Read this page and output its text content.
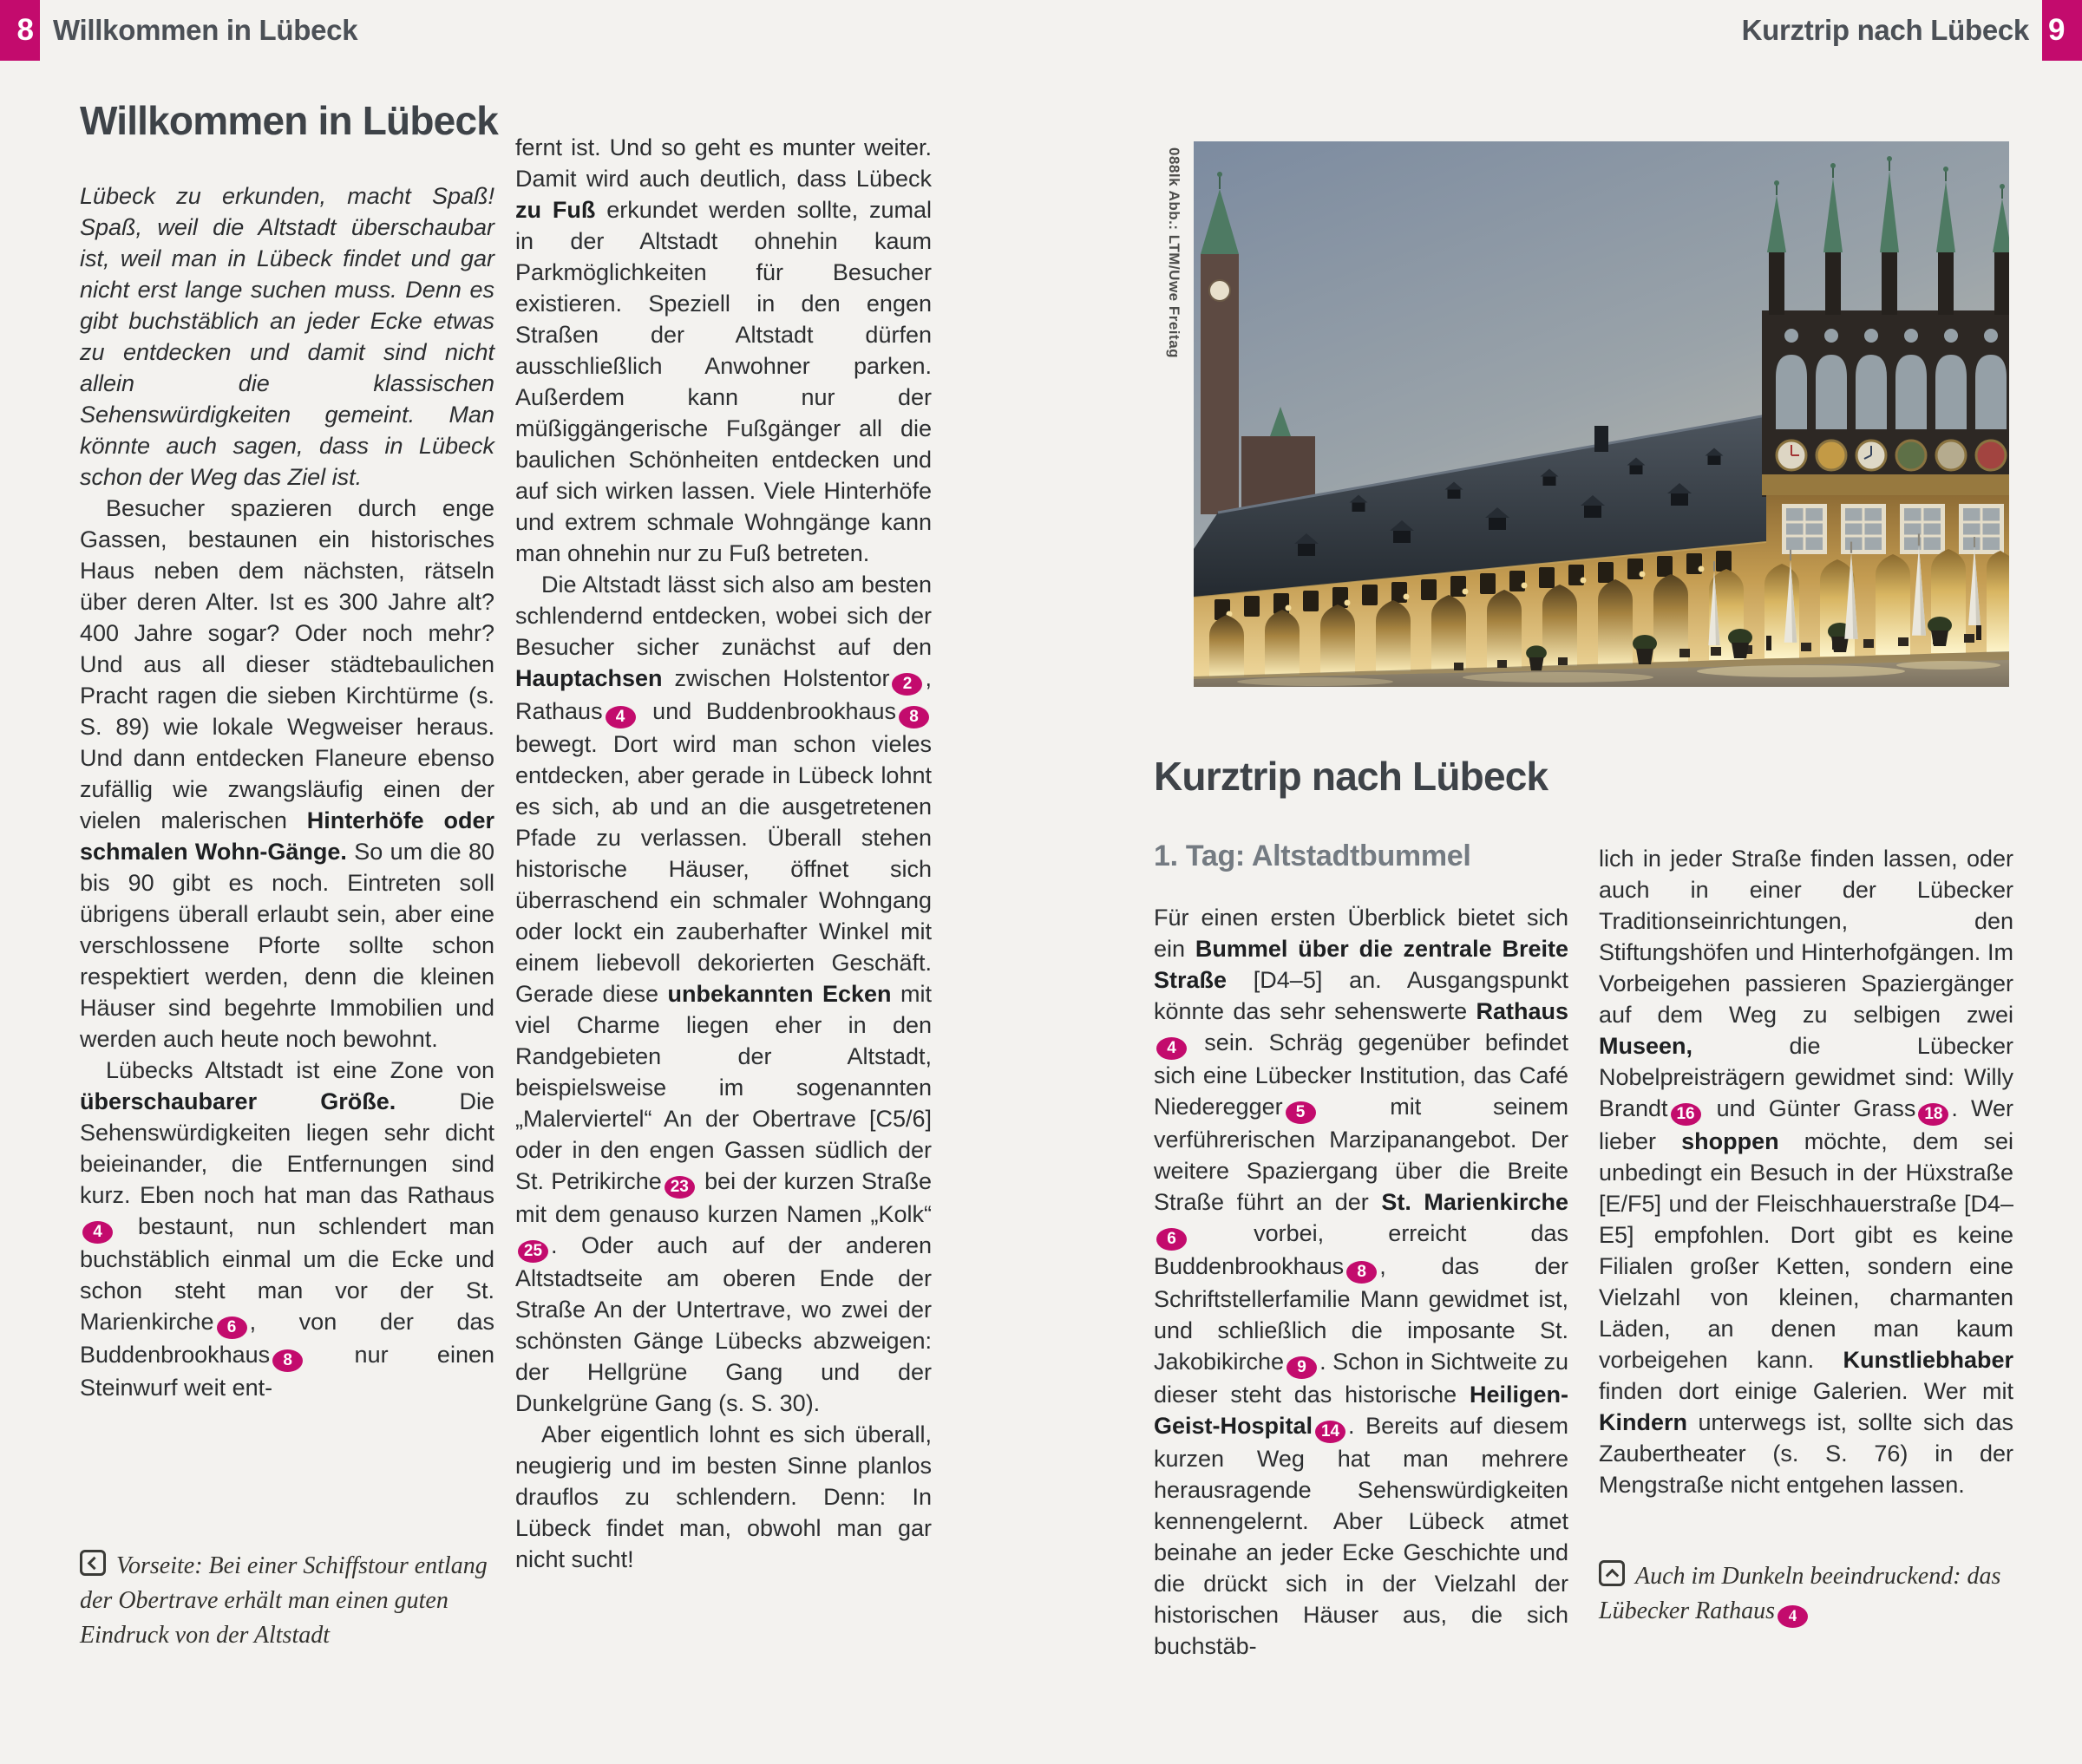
8 Willkommen in Lübeck	9
Kurztrip nach Lübeck
Willkommen in Lübeck

Lübeck zu erkunden, macht Spaß! Spaß, weil die Altstadt überschaubar ist, weil man in Lübeck findet und gar nicht erst lange suchen muss. Denn es gibt buchstäblich an jeder Ecke etwas zu entdecken und damit sind nicht allein die klassischen Sehenswürdigkeiten gemeint. Man könnte auch sagen, dass in Lübeck schon der Weg das Ziel ist.

Besucher spazieren durch enge Gassen, bestaunen ein historisches Haus neben dem nächsten, rätseln über deren Alter. Ist es 300 Jahre alt? 400 Jahre sogar? Oder noch mehr? Und aus all dieser städtebaulichen Pracht ragen die sieben Kirchtürme (s. S. 89) wie lokale Wegweiser heraus. Und dann entdecken Flaneure ebenso zufällig wie zwangsläufig einen der vielen malerischen Hinterhöfe oder schmalen Wohn-Gänge. So um die 80 bis 90 gibt es noch. Eintreten soll übrigens überall erlaubt sein, aber eine verschlossene Pforte sollte schon respektiert werden, denn die kleinen Häuser sind begehrte Immobilien und werden auch heute noch bewohnt.

Lübecks Altstadt ist eine Zone von überschaubarer Größe. Die Sehenswürdigkeiten liegen sehr dicht beieinander, die Entfernungen sind kurz. Eben noch hat man das Rathaus4 bestaunt, nun schlendert man buchstäblich einmal um die Ecke und schon steht man vor der St. Marienkirche 6 , von der das Buddenbrookhaus 8 nur einen Steinwurf weit ent-

fernt ist. Und so geht es munter weiter. Damit wird auch deutlich, dass Lübeck zu Fuß erkundet werden sollte, zumal in der Altstadt ohnehin kaum Parkmöglichkeiten für Besucher existieren. Speziell in den engen Straßen der Altstadt dürfen ausschließlich Anwohner parken. Außerdem kann nur der müßiggängerische Fußgänger all die baulichen Schönheiten entdecken und auf sich wirken lassen. Viele Hinterhöfe und extrem schmale Wohngänge kann man ohnehin nur zu Fuß betreten.

Die Altstadt lässt sich also am besten schlendernd entdecken, wobei sich der Besucher sicher zunächst auf den Hauptachsen zwischen Holstentor 2 , Rathaus 4 und Buddenbrookhaus 8 bewegt. Dort wird man schon vieles entdecken, aber gerade in Lübeck lohnt es sich, ab und an die ausgetretenen Pfade zu verlassen. Überall stehen historische Häuser, öffnet sich überraschend ein schmaler Wohngang oder lockt ein zauberhafter Winkel mit einem liebevoll dekorierten Geschäft. Gerade diese unbekannten Ecken mit viel Charme liegen eher in den Randgebieten der Altstadt, beispielsweise im sogenannten „Malerviertel“ An der Obertrave [C5/6] oder in den engen Gassen südlich der St. Petrikirche 23 bei der kurzen Straße mit dem genauso kurzen Namen „Kolk“25 . Oder auch auf der anderen Altstadtseite am oberen Ende der Straße An der Untertrave, wo zwei der schönsten Gänge Lübecks abzweigen: der Hellgrüne Gang und der Dunkelgrüne Gang (s. S. 30).

Aber eigentlich lohnt es sich überall, neugierig und im besten Sinne planlos drauflos zu schlendern. Denn: In Lübeck findet man, obwohl man gar nicht sucht!

Vorseite: Bei einer Schiffstour entlang der Obertrave erhält man einen guten Eindruck von der Altstadt
088lk Abb.: LTM/Uwe Freitag
Kurztrip nach Lübeck
1. Tag: Altstadtbummel

Für einen ersten Überblick bietet sich ein Bummel über die zentrale Breite Straße [D4–5] an. Ausgangspunkt könnte das sehr sehenswerte Rathaus4 sein. Schräg gegenüber befindet sich eine Lübecker Institution, das Café Niederegger 5 mit seinem verführerischen Marzipanangebot. Der weitere Spaziergang über die Breite Straße führt an der St. Marienkirche6 vorbei, erreicht das Buddenbrookhaus 8 , das der Schriftstellerfamilie Mann gewidmet ist, und schließlich die imposante St. Jakobikirche 9 . Schon in Sichtweite zu dieser steht das historische Heiligen-Geist-Hospital 14 . Bereits auf diesem kurzen Weg hat man mehrere herausragende Sehenswürdigkeiten kennengelernt. Aber Lübeck atmet beinahe an jeder Ecke Geschichte und die drückt sich in der Vielzahl der historischen Häuser aus, die sich buchstäb-

lich in jeder Straße finden lassen, oder auch in einer der Lübecker Traditionseinrichtungen, den Stiftungshöfen und Hinterhofgängen. Im Vorbeigehen passieren Spaziergänger auf dem Weg zu selbigen zwei Museen, die Lübecker Nobelpreisträgern gewidmet sind: Willy Brandt 16 und Günter Grass 18 . Wer lieber shoppen möchte, dem sei unbedingt ein Besuch in der Hüxstraße [E/F5] und der Fleischhauerstraße [D4–E5] empfohlen. Dort gibt es keine Filialen großer Ketten, sondern eine Vielzahl von kleinen, charmanten Läden, an denen man kaum vorbeigehen kann. Kunstliebhaber finden dort einige Galerien. Wer mit Kindern unterwegs ist, sollte sich das Zaubertheater (s. S. 76) in der Mengstraße nicht entgehen lassen.

Auch im Dunkeln beeindruckend: das Lübecker Rathaus 4
